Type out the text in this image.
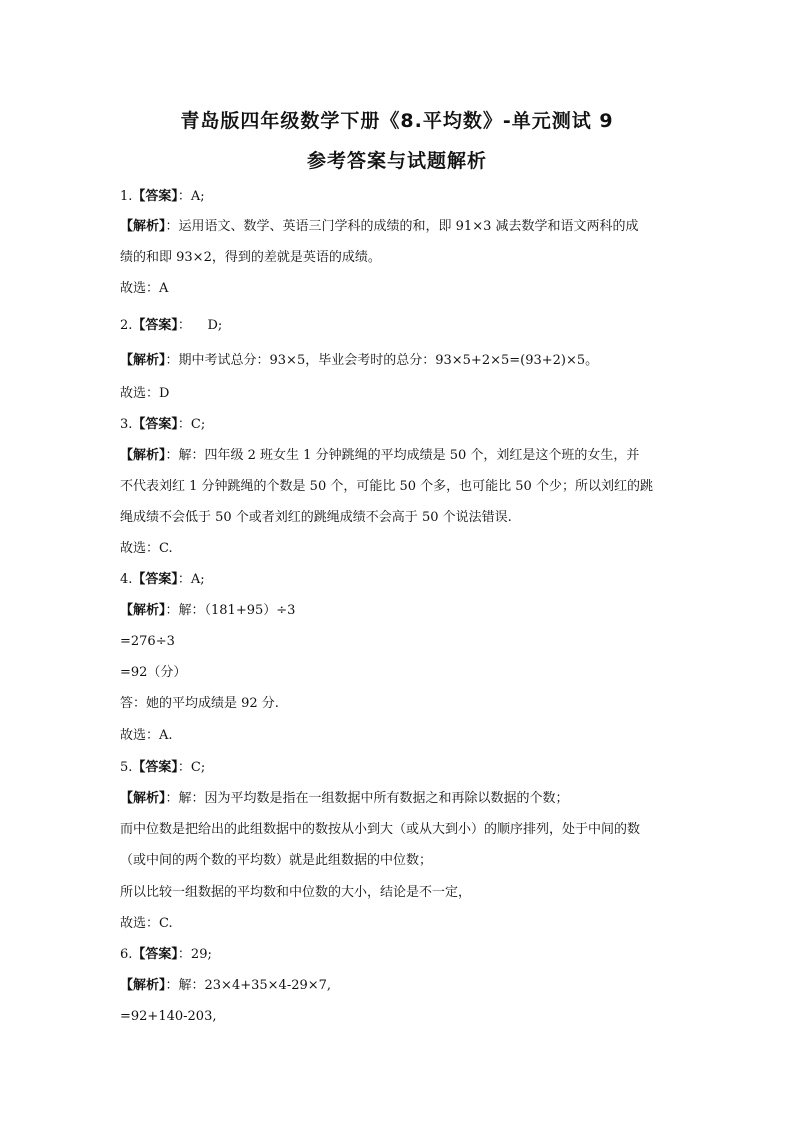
青岛版四年级数学下册《8.平均数》-单元测试 9
参考答案与试题解析
1.【答案】：A;
【解析】：运用语文、数学、英语三门学科的成绩的和，即 91×3 减去数学和语文两科的成
绩的和即 93×2，得到的差就是英语的成绩。
故选：A
2.【答案】：    D;
【解析】：期中考试总分：93×5，毕业会考时的总分：93×5+2×5=(93+2)×5。
故选：D
3.【答案】：C;
【解析】：解：四年级 2 班女生 1 分钟跳绳的平均成绩是 50 个，刘红是这个班的女生，并
不代表刘红 1 分钟跳绳的个数是 50 个，可能比 50 个多，也可能比 50 个少；所以刘红的跳
绳成绩不会低于 50 个或者刘红的跳绳成绩不会高于 50 个说法错误.
故选：C.
4.【答案】：A;
【解析】：解：（181+95）÷3
=276÷3
=92（分）
答：她的平均成绩是 92 分.
故选：A.
5.【答案】：C;
【解析】：解：因为平均数是指在一组数据中所有数据之和再除以数据的个数；
而中位数是把给出的此组数据中的数按从小到大（或从大到小）的顺序排列，处于中间的数
（或中间的两个数的平均数）就是此组数据的中位数；
所以比较一组数据的平均数和中位数的大小，结论是不一定，
故选：C.
6.【答案】：29;
【解析】：解：23×4+35×4-29×7,
=92+140-203,
